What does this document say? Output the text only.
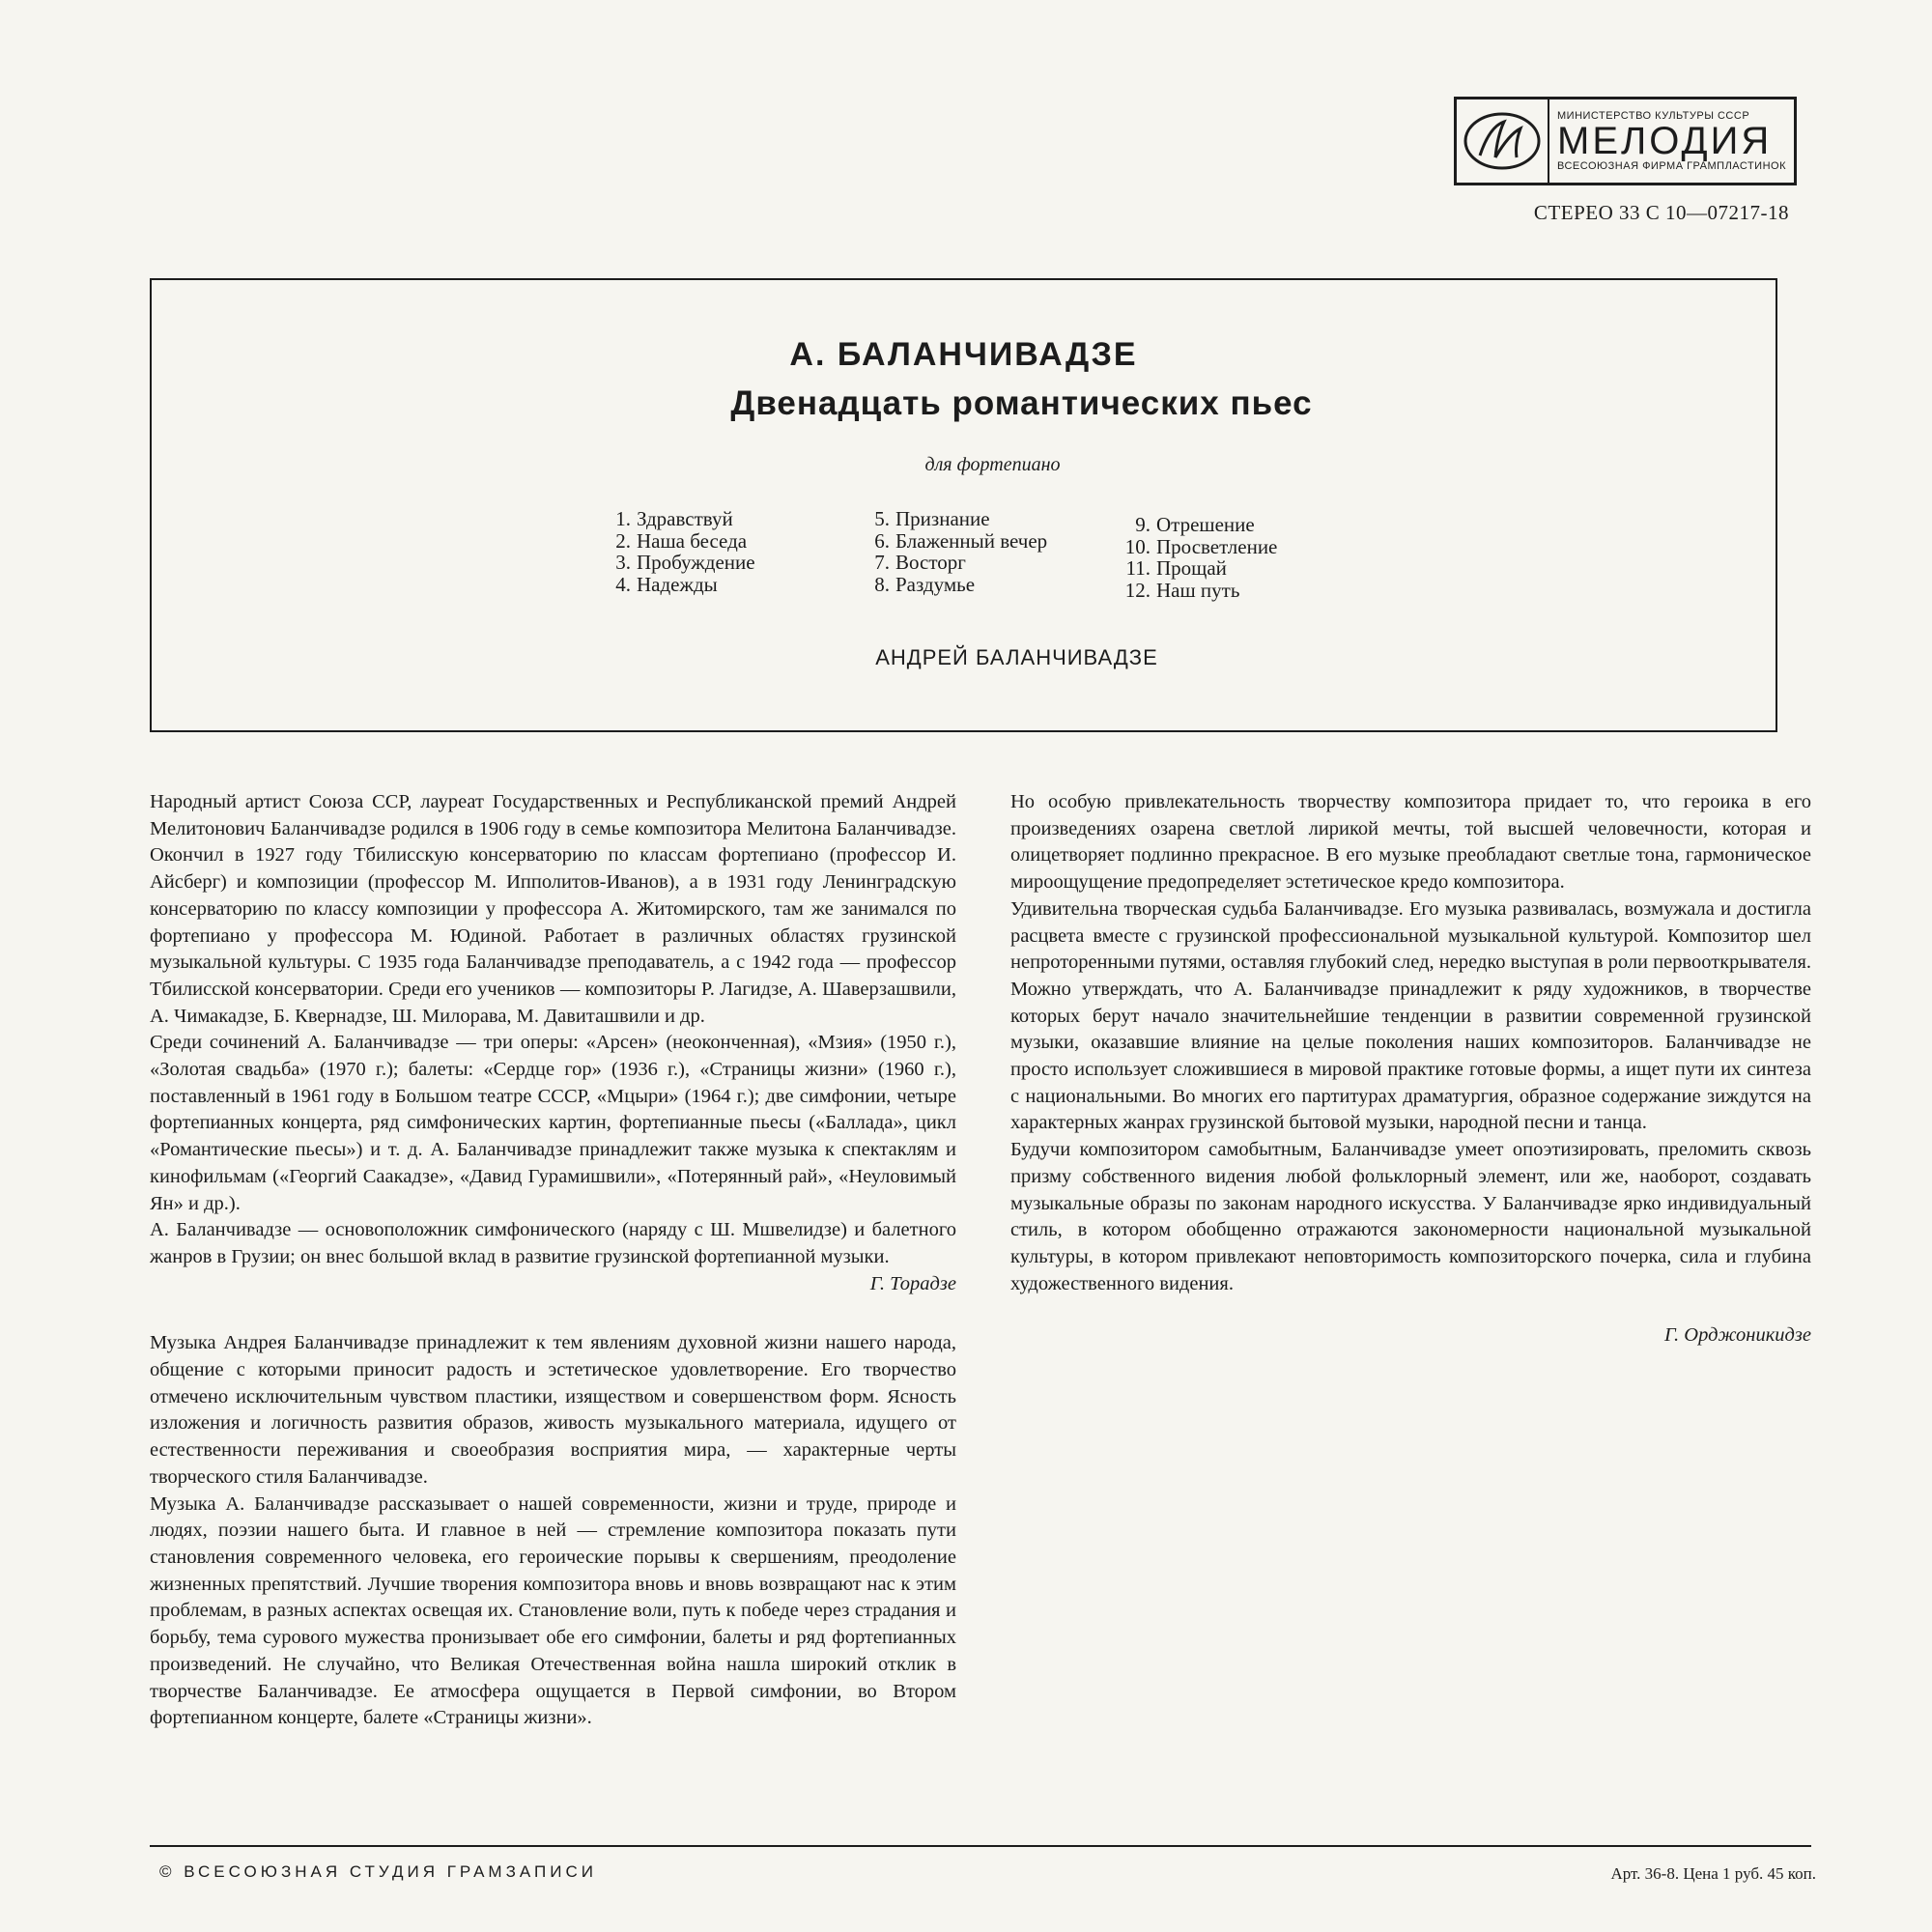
МИНИСТЕРСТВО КУЛЬТУРЫ СССР
МЕЛОДИЯ
ВСЕСОЮЗНАЯ ФИРМА ГРАМПЛАСТИНОК
СТЕРЕО 33 С 10—07217-18
А. БАЛАНЧИВАДЗЕ
Двенадцать романтических пьес
для фортепиано
1. Здравствуй
2. Наша беседа
3. Пробуждение
4. Надежды
5. Признание
6. Блаженный вечер
7. Восторг
8. Раздумье
9. Отрешение
10. Просветление
11. Прощай
12. Наш путь
АНДРЕЙ БАЛАНЧИВАДЗЕ

Народный артист Союза ССР, лауреат Государственных и Республиканской премий Андрей Мелитонович Баланчивадзе родился в 1906 году в семье композитора Мелитона Баланчивадзе. Окончил в 1927 году Тбилисскую консерваторию по классам фортепиано (профессор И. Айсберг) и композиции (профессор М. Ипполитов-Иванов), а в 1931 году Ленинградскую консерваторию по классу композиции у профессора А. Житомирского, там же занимался по фортепиано у профессора М. Юдиной. Работает в различных областях грузинской музыкальной культуры. С 1935 года Баланчивадзе преподаватель, а с 1942 года — профессор Тбилисской консерватории. Среди его учеников — композиторы Р. Лагидзе, А. Шаверзашвили, А. Чимакадзе, Б. Квернадзе, Ш. Милорава, М. Давиташвили и др.

Среди сочинений А. Баланчивадзе — три оперы: «Арсен» (неоконченная), «Мзия» (1950 г.), «Золотая свадьба» (1970 г.); балеты: «Сердце гор» (1936 г.), «Страницы жизни» (1960 г.), поставленный в 1961 году в Большом театре СССР, «Мцыри» (1964 г.); две симфонии, четыре фортепианных концерта, ряд симфонических картин, фортепианные пьесы («Баллада», цикл «Романтические пьесы») и т. д. А. Баланчивадзе принадлежит также музыка к спектаклям и кинофильмам («Георгий Саакадзе», «Давид Гурамишвили», «Потерянный рай», «Неуловимый Ян» и др.).

А. Баланчивадзе — основоположник симфонического (наряду с Ш. Мшвелидзе) и балетного жанров в Грузии; он внес большой вклад в развитие грузинской фортепианной музыки.

Г. Торадзе

Музыка Андрея Баланчивадзе принадлежит к тем явлениям духовной жизни нашего народа, общение с которыми приносит радость и эстетическое удовлетворение. Его творчество отмечено исключительным чувством пластики, изяществом и совершенством форм. Ясность изложения и логичность развития образов, живость музыкального материала, идущего от естественности переживания и своеобразия восприятия мира, — характерные черты творческого стиля Баланчивадзе.

Музыка А. Баланчивадзе рассказывает о нашей современности, жизни и труде, природе и людях, поэзии нашего быта. И главное в ней — стремление композитора показать пути становления современного человека, его героические порывы к свершениям, преодоление жизненных препятствий. Лучшие творения композитора вновь и вновь возвращают нас к этим проблемам, в разных аспектах освещая их. Становление воли, путь к победе через страдания и борьбу, тема сурового мужества пронизывает обе его симфонии, балеты и ряд фортепианных произведений. Не случайно, что Великая Отечественная война нашла широкий отклик в творчестве Баланчивадзе. Ее атмосфера ощущается в Первой симфонии, во Втором фортепианном концерте, балете «Страницы жизни».

Но особую привлекательность творчеству композитора придает то, что героика в его произведениях озарена светлой лирикой мечты, той высшей человечности, которая и олицетворяет подлинно прекрасное. В его музыке преобладают светлые тона, гармоническое мироощущение предопределяет эстетическое кредо композитора.

Удивительна творческая судьба Баланчивадзе. Его музыка развивалась, возмужала и достигла расцвета вместе с грузинской профессиональной музыкальной культурой. Композитор шел непроторенными путями, оставляя глубокий след, нередко выступая в роли первооткрывателя. Можно утверждать, что А. Баланчивадзе принадлежит к ряду художников, в творчестве которых берут начало значительнейшие тенденции в развитии современной грузинской музыки, оказавшие влияние на целые поколения наших композиторов. Баланчивадзе не просто использует сложившиеся в мировой практике готовые формы, а ищет пути их синтеза с национальными. Во многих его партитурах драматургия, образное содержание зиждутся на характерных жанрах грузинской бытовой музыки, народной песни и танца.

Будучи композитором самобытным, Баланчивадзе умеет опоэтизировать, преломить сквозь призму собственного видения любой фольклорный элемент, или же, наоборот, создавать музыкальные образы по законам народного искусства. У Баланчивадзе ярко индивидуальный стиль, в котором обобщенно отражаются закономерности национальной музыкальной культуры, в котором привлекают неповторимость композиторского почерка, сила и глубина художественного видения.

Г. Орджоникидзе

© ВСЕСОЮЗНАЯ СТУДИЯ ГРАМЗАПИСИ	Арт. 36-8. Цена 1 руб. 45 коп.
